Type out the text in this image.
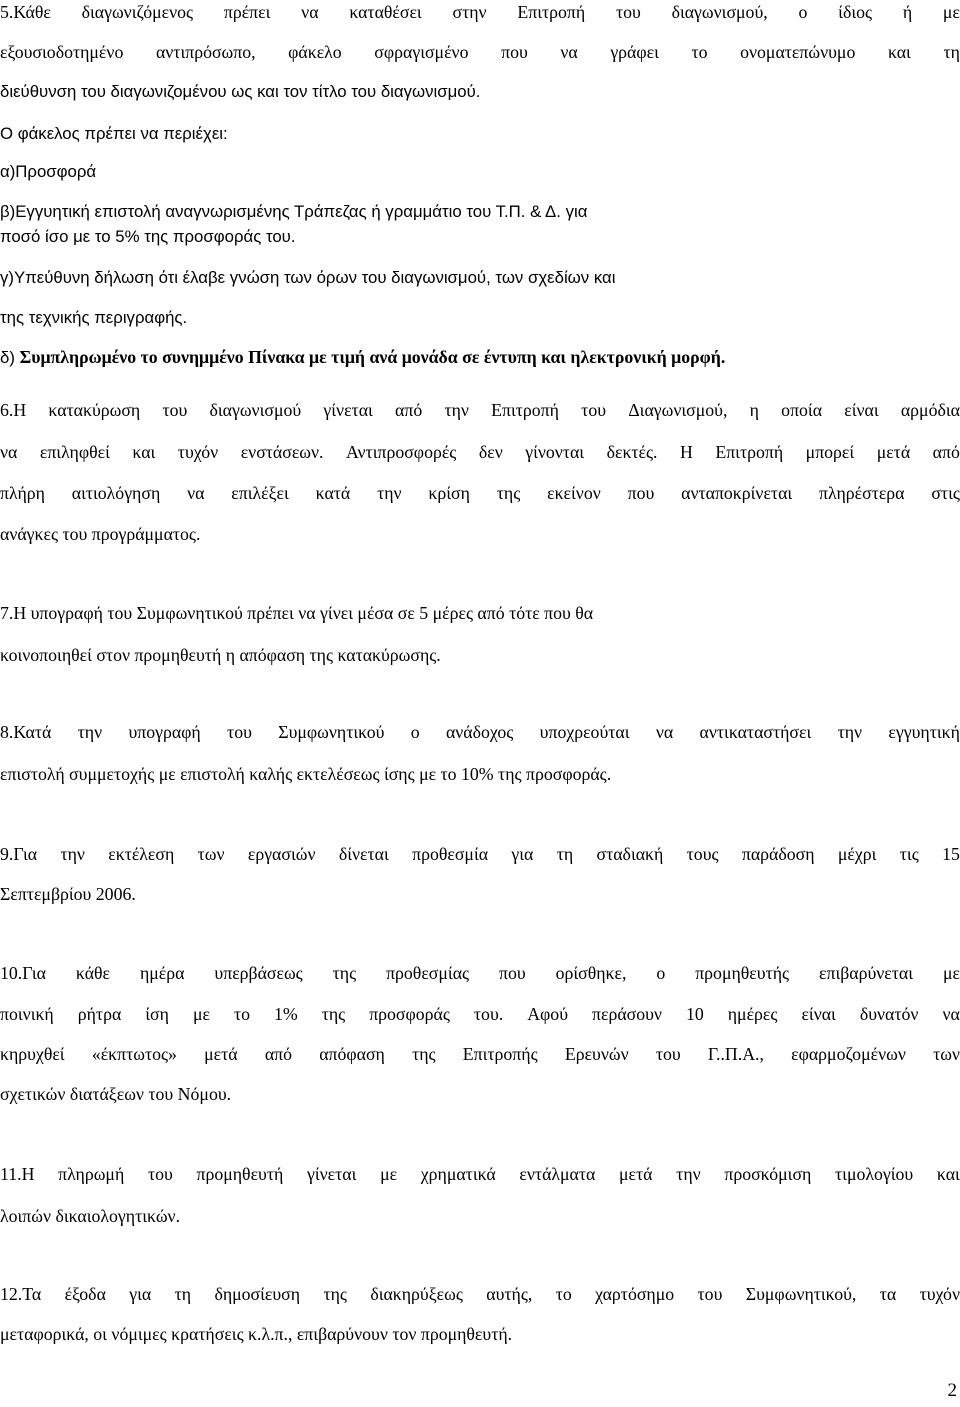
5.Κάθε διαγωνιζόμενος πρέπει να καταθέσει στην Επιτροπή του διαγωνισμού, ο ίδιος ή με
εξουσιοδοτημένο αντιπρόσωπο, φάκελο σφραγισμένο που να γράφει το ονοματεπώνυμο και τη
διεύθυνση του διαγωνιζομένου ως και τον τίτλο του διαγωνισμού.
Ο φάκελος πρέπει να περιέχει:
α)Προσφορά
β)Εγγυητική επιστολή αναγνωρισμένης Τράπεζας ή γραμμάτιο του Τ.Π. & Δ. για
ποσό ίσο με το 5% της προσφοράς του.
γ)Υπεύθυνη δήλωση ότι έλαβε γνώση των όρων του διαγωνισμού, των σχεδίων και
της τεχνικής περιγραφής.
δ) Συμπληρωμένο το συνημμένο Πίνακα με τιμή ανά μονάδα σε έντυπη και ηλεκτρονική μορφή.
6.Η κατακύρωση του διαγωνισμού γίνεται από την Επιτροπή του Διαγωνισμού, η οποία είναι αρμόδια
να επιληφθεί και τυχόν ενστάσεων. Αντιπροσφορές δεν γίνονται δεκτές. Η Επιτροπή μπορεί μετά από
πλήρη αιτιολόγηση να επιλέξει κατά την κρίση της εκείνον που ανταποκρίνεται πληρέστερα στις
ανάγκες του προγράμματος.
7.Η υπογραφή του Συμφωνητικού πρέπει να γίνει μέσα σε 5 μέρες από τότε που θα
κοινοποιηθεί στον προμηθευτή η απόφαση της κατακύρωσης.
8.Κατά την υπογραφή του Συμφωνητικού ο ανάδοχος υποχρεούται να αντικαταστήσει την εγγυητική
επιστολή συμμετοχής με επιστολή καλής εκτελέσεως ίσης με το 10% της προσφοράς.
9.Για την εκτέλεση των εργασιών δίνεται προθεσμία για τη σταδιακή τους παράδοση μέχρι τις 15
Σεπτεμβρίου 2006.
10.Για κάθε ημέρα υπερβάσεως της προθεσμίας που ορίσθηκε, ο προμηθευτής επιβαρύνεται με
ποινική ρήτρα ίση με το 1% της προσφοράς του. Αφού περάσουν 10 ημέρες είναι δυνατόν να
κηρυχθεί «έκπτωτος» μετά από απόφαση της Επιτροπής Ερευνών του Γ..Π.Α., εφαρμοζομένων των
σχετικών διατάξεων του Νόμου.
11.Η πληρωμή του προμηθευτή γίνεται με χρηματικά εντάλματα μετά την προσκόμιση τιμολογίου και
λοιπών δικαιολογητικών.
12.Τα έξοδα για τη δημοσίευση της διακηρύξεως αυτής, το χαρτόσημο του Συμφωνητικού, τα τυχόν
μεταφορικά, οι νόμιμες κρατήσεις κ.λ.π., επιβαρύνουν τον προμηθευτή.
2
